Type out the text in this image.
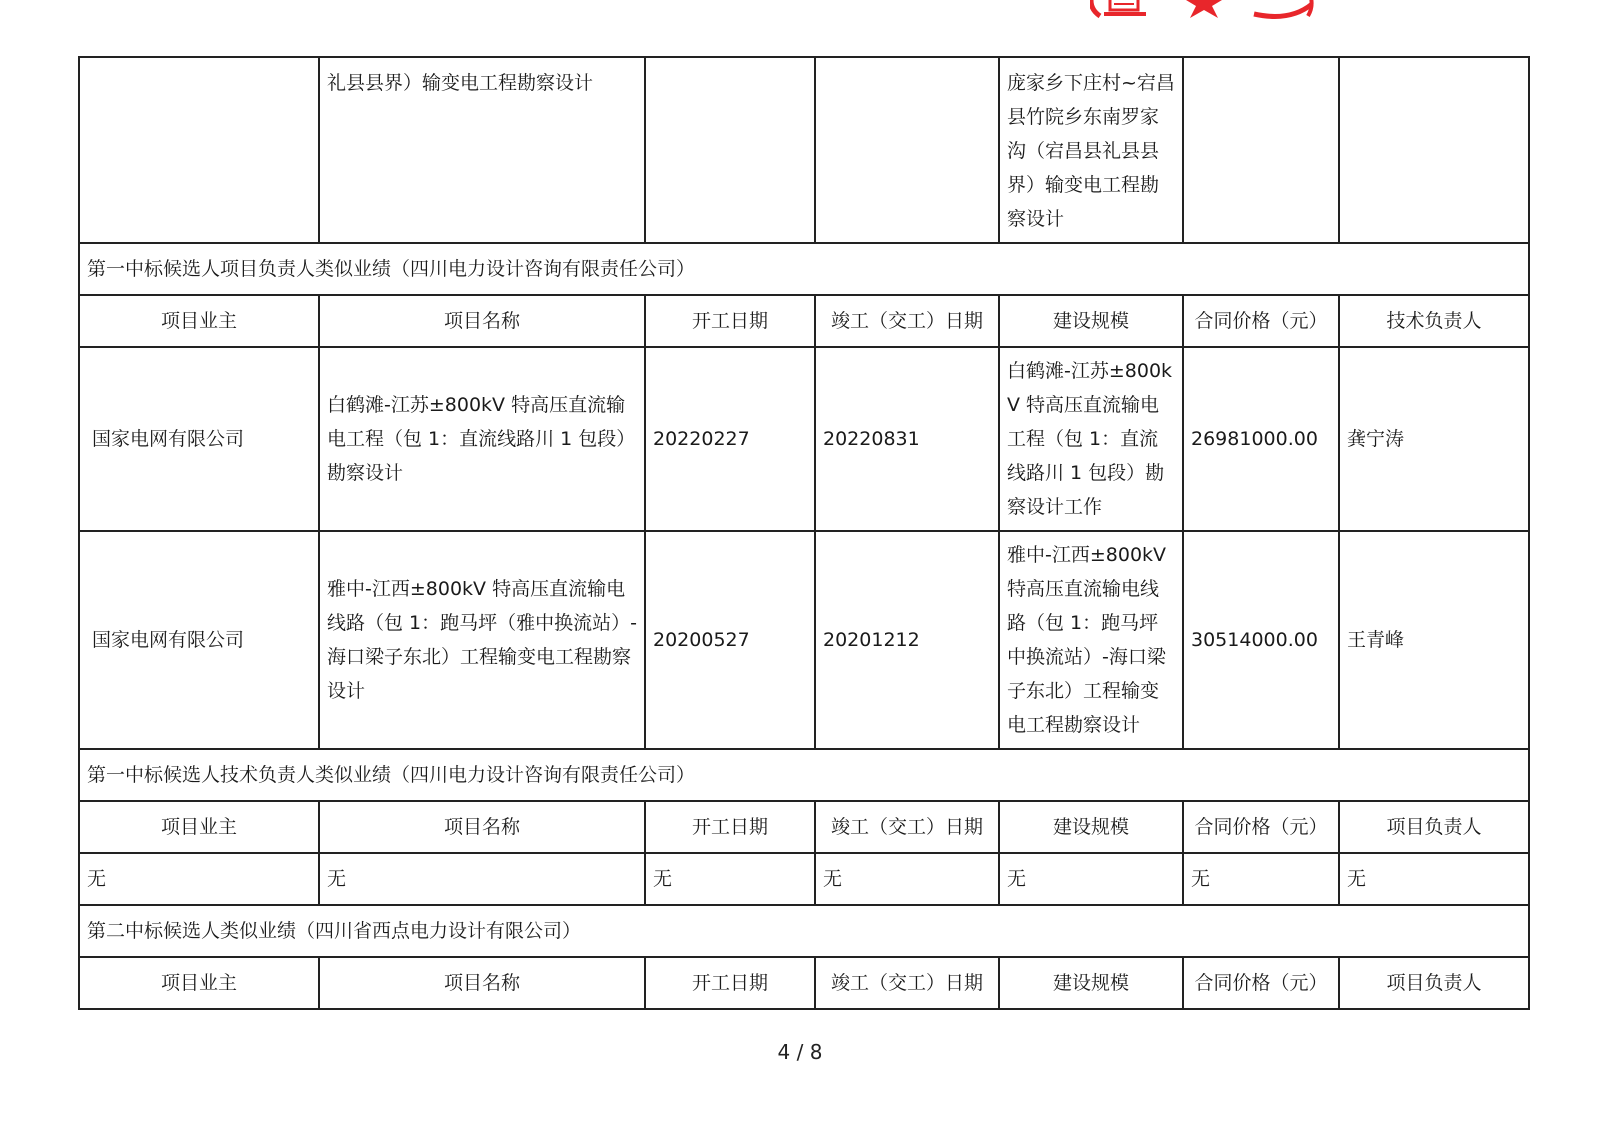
	礼县县界）输变电工程勘察设计			庞家乡下庄村~宕昌县竹院乡东南罗家沟（宕昌县礼县县界）输变电工程勘察设计		
第一中标候选人项目负责人类似业绩（四川电力设计咨询有限责任公司）						
项目业主	项目名称	开工日期	竣工（交工）日期	建设规模	合同价格（元）	技术负责人
国家电网有限公司	白鹤滩-江苏±800kV 特高压直流输电工程（包 1：直流线路川 1 包段）勘察设计	20220227	20220831	白鹤滩-江苏±800kV 特高压直流输电工程（包 1：直流线路川 1 包段）勘察设计工作	26981000.00	龚宁涛
国家电网有限公司	雅中-江西±800kV 特高压直流输电线路（包 1：跑马坪（雅中换流站）-海口梁子东北）工程输变电工程勘察设计	20200527	20201212	雅中-江西±800kV 特高压直流输电线路（包 1：跑马坪中换流站）-海口梁子东北）工程输变电工程勘察设计	30514000.00	王青峰
第一中标候选人技术负责人类似业绩（四川电力设计咨询有限责任公司）						
项目业主	项目名称	开工日期	竣工（交工）日期	建设规模	合同价格（元）	项目负责人
无	无	无	无	无	无	无
第二中标候选人类似业绩（四川省西点电力设计有限公司）						
项目业主	项目名称	开工日期	竣工（交工）日期	建设规模	合同价格（元）	项目负责人
4 / 8
